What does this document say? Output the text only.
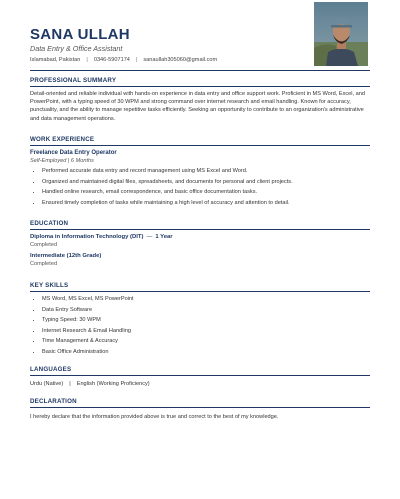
SANA ULLAH
Data Entry & Office Assistant
Islamabad, Pakistan | 0346-5907174 | sanaullah305060@gmail.com
PROFESSIONAL SUMMARY
Detail-oriented and reliable individual with hands-on experience in data entry and office support work. Proficient in MS Word, Excel, and PowerPoint, with a typing speed of 30 WPM and strong command over internet research and email handling. Known for accuracy, punctuality, and the ability to manage repetitive tasks efficiently. Seeking an opportunity to contribute to an organization's administrative and data management operations.
WORK EXPERIENCE
Freelance Data Entry Operator
Self-Employed | 6 Months
• Performed accurate data entry and record management using MS Excel and Word.
• Organized and maintained digital files, spreadsheets, and documents for personal and client projects.
• Handled online research, email correspondence, and basic office documentation tasks.
• Ensured timely completion of tasks while maintaining a high level of accuracy and attention to detail.
EDUCATION
Diploma in Information Technology (DIT) — 1 Year
Completed
Intermediate (12th Grade)
Completed
KEY SKILLS
• MS Word, MS Excel, MS PowerPoint
• Data Entry Software
• Typing Speed: 30 WPM
• Internet Research & Email Handling
• Time Management & Accuracy
• Basic Office Administration
LANGUAGES
Urdu (Native) | English (Working Proficiency)
DECLARATION
I hereby declare that the information provided above is true and correct to the best of my knowledge.
